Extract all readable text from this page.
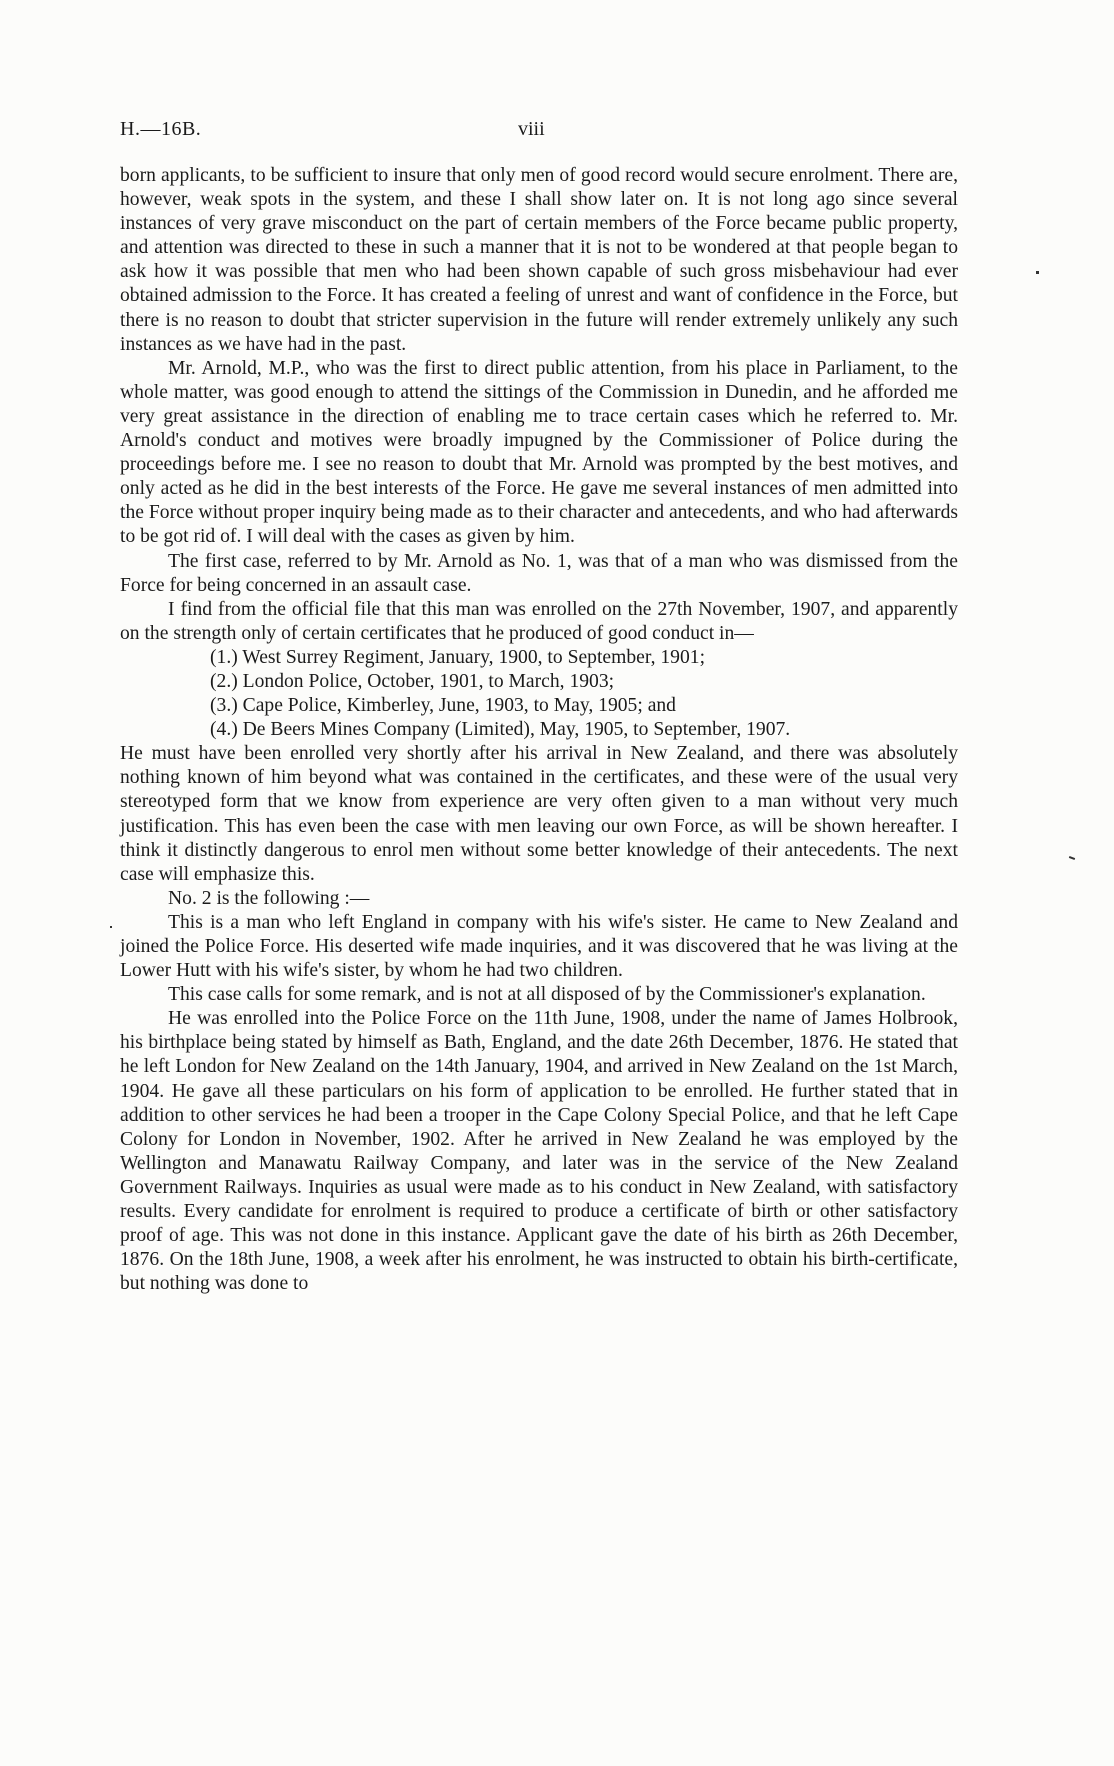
H.—16B.	viii

born applicants, to be sufficient to insure that only men of good record would secure enrolment. There are, however, weak spots in the system, and these I shall show later on. It is not long ago since several instances of very grave misconduct on the part of certain members of the Force became public property, and attention was directed to these in such a manner that it is not to be wondered at that people began to ask how it was possible that men who had been shown capable of such gross misbehaviour had ever obtained admission to the Force. It has created a feeling of unrest and want of confidence in the Force, but there is no reason to doubt that stricter supervision in the future will render extremely unlikely any such instances as we have had in the past.

Mr. Arnold, M.P., who was the first to direct public attention, from his place in Parliament, to the whole matter, was good enough to attend the sittings of the Commission in Dunedin, and he afforded me very great assistance in the direction of enabling me to trace certain cases which he referred to. Mr. Arnold's conduct and motives were broadly impugned by the Commissioner of Police during the proceedings before me. I see no reason to doubt that Mr. Arnold was prompted by the best motives, and only acted as he did in the best interests of the Force. He gave me several instances of men admitted into the Force without proper inquiry being made as to their character and antecedents, and who had afterwards to be got rid of. I will deal with the cases as given by him.

The first case, referred to by Mr. Arnold as No. 1, was that of a man who was dismissed from the Force for being concerned in an assault case.

I find from the official file that this man was enrolled on the 27th November, 1907, and apparently on the strength only of certain certificates that he produced of good conduct in—

(1.) West Surrey Regiment, January, 1900, to September, 1901;
(2.) London Police, October, 1901, to March, 1903;
(3.) Cape Police, Kimberley, June, 1903, to May, 1905; and
(4.) De Beers Mines Company (Limited), May, 1905, to September, 1907.

He must have been enrolled very shortly after his arrival in New Zealand, and there was absolutely nothing known of him beyond what was contained in the certificates, and these were of the usual very stereotyped form that we know from experience are very often given to a man without very much justification. This has even been the case with men leaving our own Force, as will be shown hereafter. I think it distinctly dangerous to enrol men without some better knowledge of their antecedents. The next case will emphasize this.

No. 2 is the following :—

This is a man who left England in company with his wife's sister. He came to New Zealand and joined the Police Force. His deserted wife made inquiries, and it was discovered that he was living at the Lower Hutt with his wife's sister, by whom he had two children.

This case calls for some remark, and is not at all disposed of by the Commissioner's explanation.

He was enrolled into the Police Force on the 11th June, 1908, under the name of James Holbrook, his birthplace being stated by himself as Bath, England, and the date 26th December, 1876. He stated that he left London for New Zealand on the 14th January, 1904, and arrived in New Zealand on the 1st March, 1904. He gave all these particulars on his form of application to be enrolled. He further stated that in addition to other services he had been a trooper in the Cape Colony Special Police, and that he left Cape Colony for London in November, 1902. After he arrived in New Zealand he was employed by the Wellington and Manawatu Railway Company, and later was in the service of the New Zealand Government Railways. Inquiries as usual were made as to his conduct in New Zealand, with satisfactory results. Every candidate for enrolment is required to produce a certificate of birth or other satisfactory proof of age. This was not done in this instance. Applicant gave the date of his birth as 26th December, 1876. On the 18th June, 1908, a week after his enrolment, he was instructed to obtain his birth-certificate, but nothing was done to
